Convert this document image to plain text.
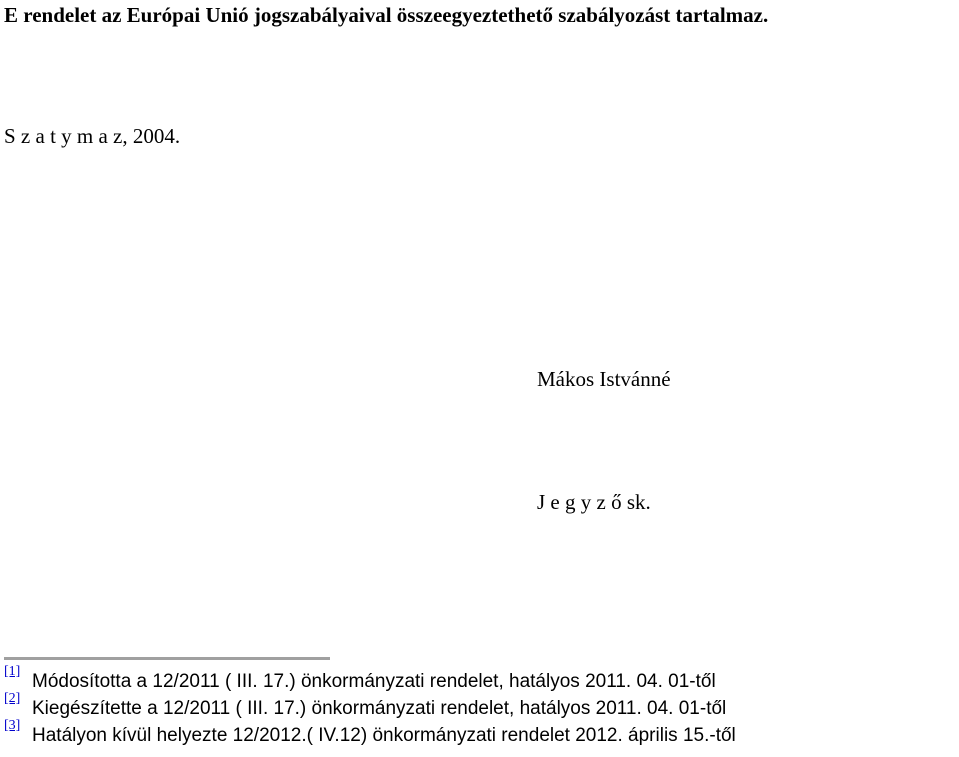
E rendelet az Európai Unió jogszabályaival összeegyeztethető szabályozást tartalmaz.
S z a t y m a z, 2004.
Mákos Istvánné
J e g y z ő sk.
[1] Módosította a 12/2011 ( III. 17.) önkormányzati rendelet, hatályos 2011. 04. 01-től
[2] Kiegészítette a 12/2011 ( III. 17.) önkormányzati rendelet, hatályos 2011. 04. 01-től
[3] Hatályon kívül helyezte 12/2012.( IV.12) önkormányzati rendelet 2012. április 15.-től
